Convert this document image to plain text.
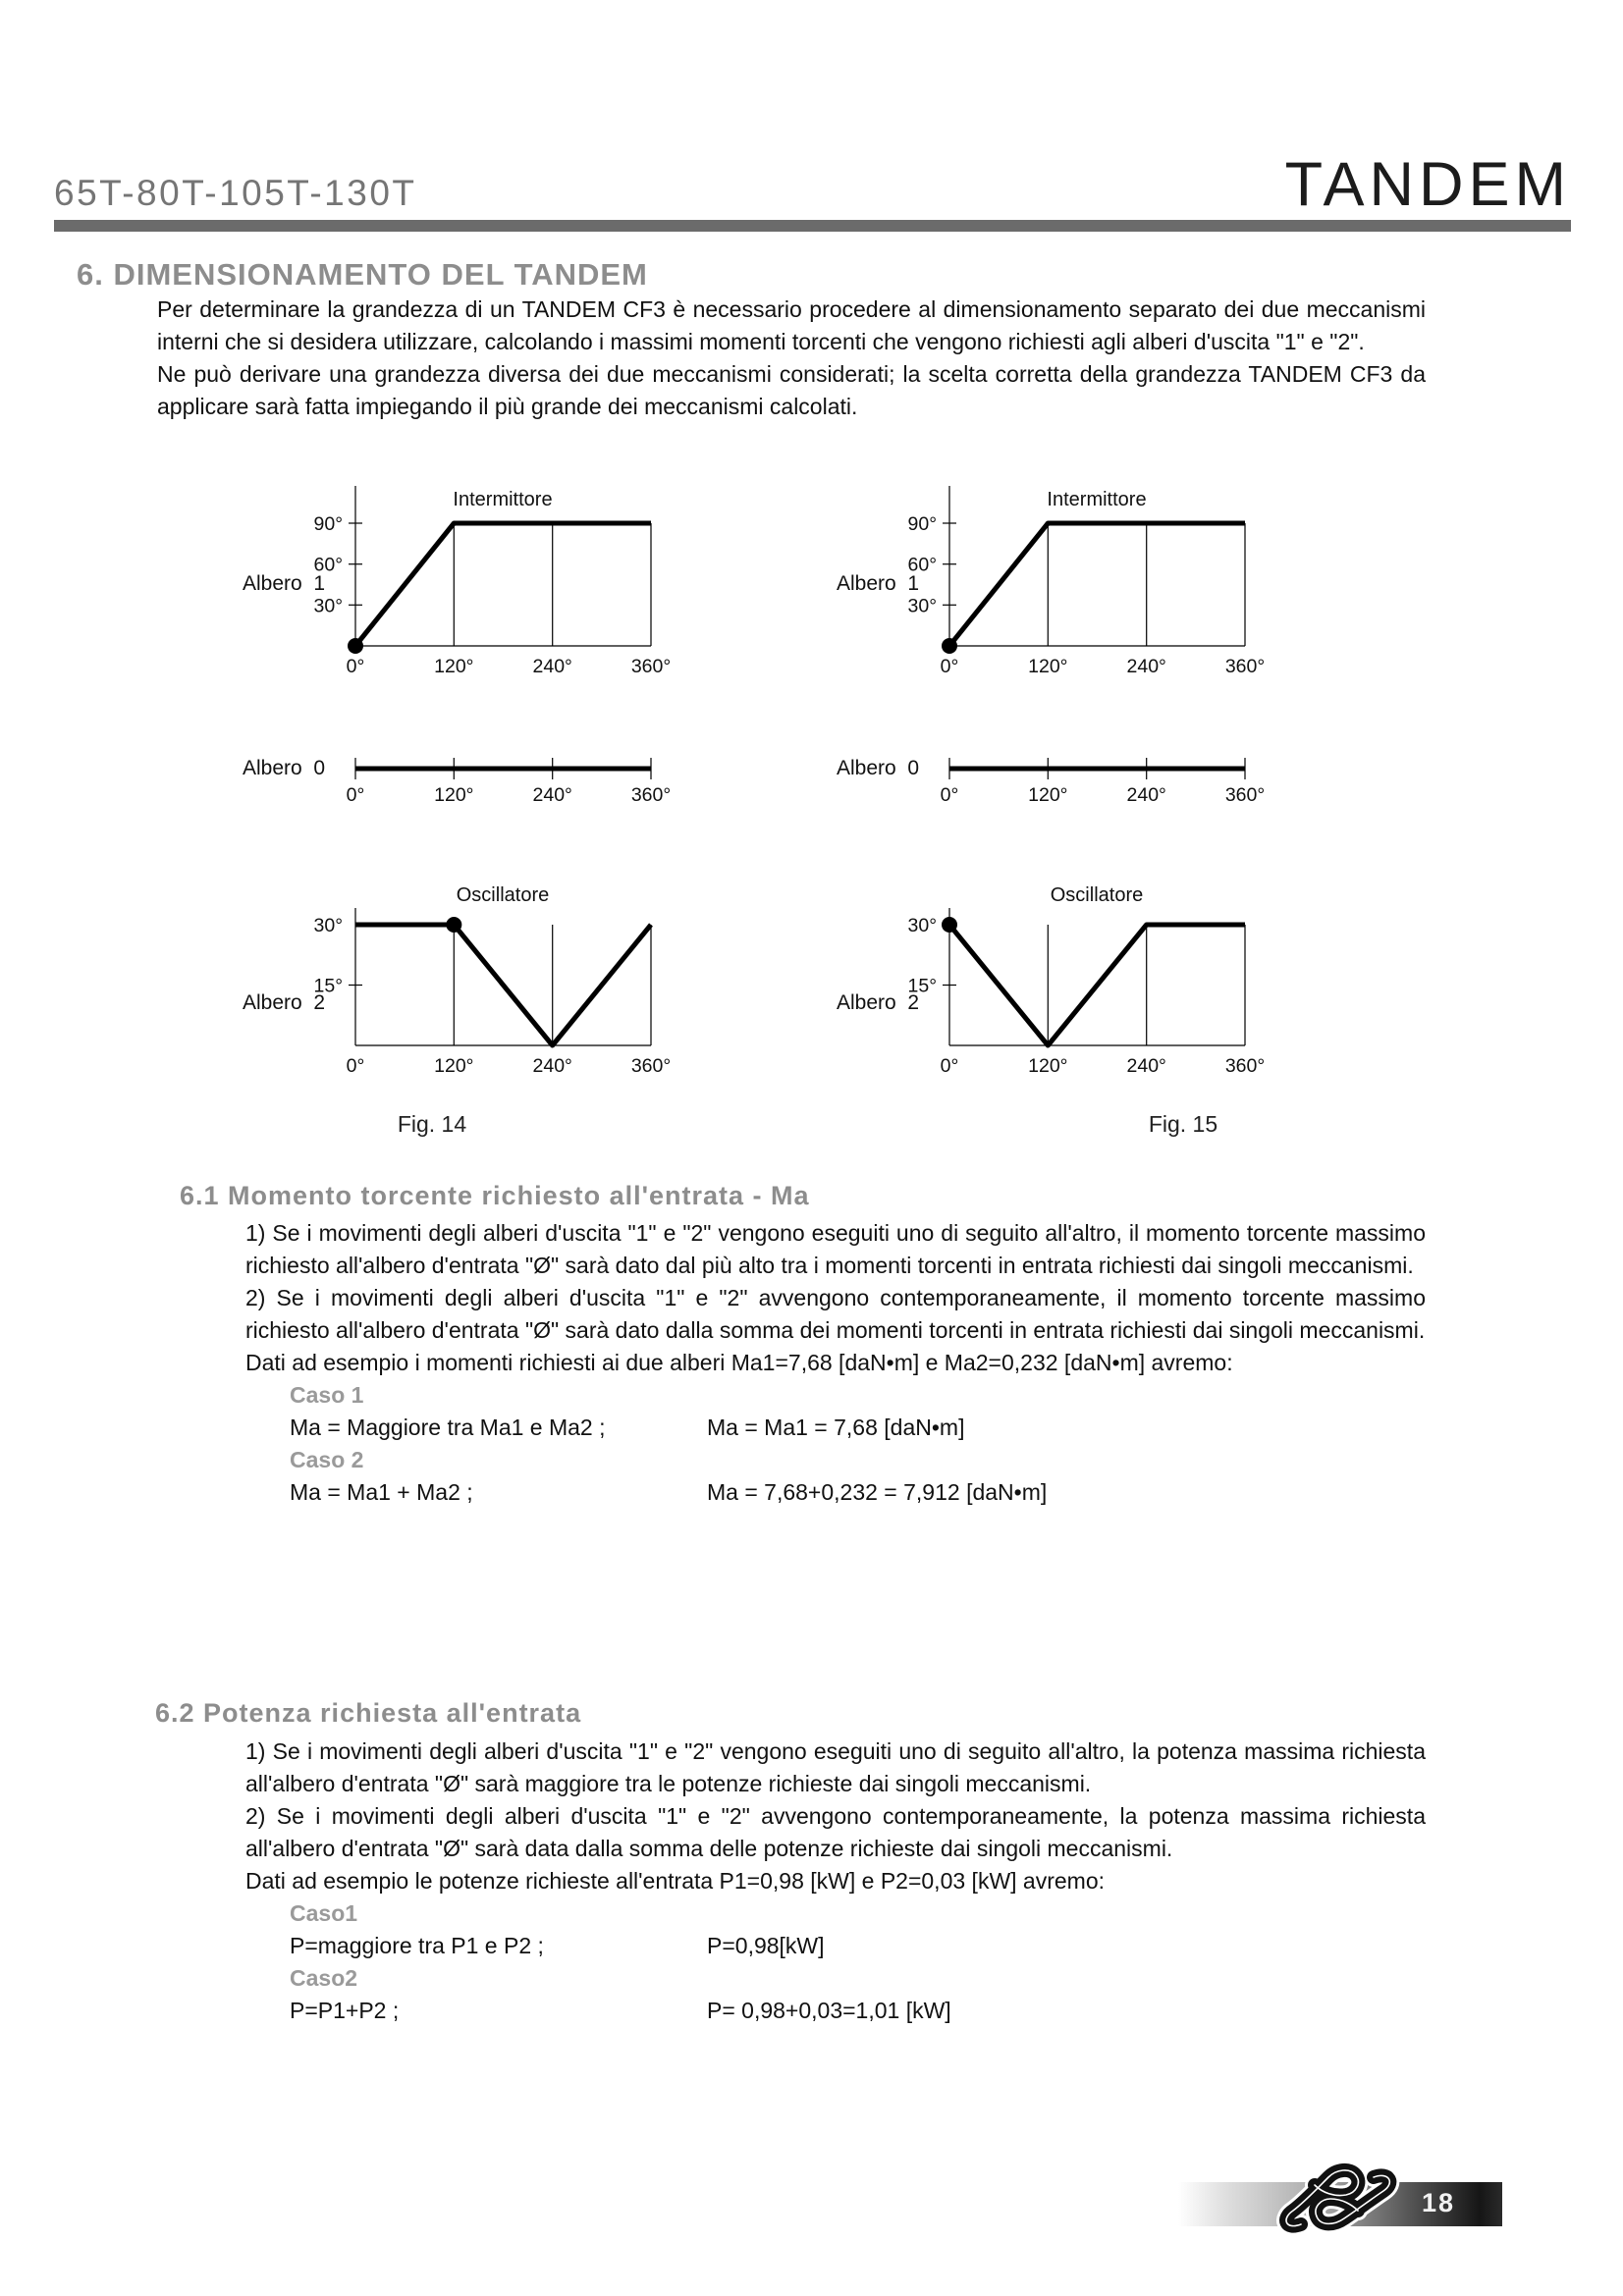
65T-80T-105T-130T	TANDEM
6. DIMENSIONAMENTO DEL TANDEM

Per determinare la grandezza di un TANDEM CF3 è necessario procedere al dimensionamento separato dei due meccanismi interni che si desidera utilizzare, calcolando i massimi momenti torcenti che vengono richiesti agli alberi d'uscita "1" e "2".

Ne può derivare una grandezza diversa dei due meccanismi considerati; la scelta corretta della grandezza TANDEM CF3 da applicare sarà fatta impiegando il più grande dei meccanismi calcolati.

Intermittore
Albero  1
90°
60°
30°
0°	120°	240°	360°
Albero  0
0°	120°	240°	360°
Oscillatore
Albero  2
30°
15°
0°	120°	240°	360°
Intermittore
Albero  1
90°
60°
30°
0°	120°	240°	360°
Albero  0
0°	120°	240°	360°
Oscillatore
Albero  2
30°
15°
0°	120°	240°	360°
Fig. 14	Fig. 15
6.1 Momento torcente richiesto all'entrata - Ma

1) Se i movimenti degli alberi d'uscita "1" e "2" vengono eseguiti uno di seguito all'altro, il momento torcente massimo richiesto all'albero d'entrata "Ø" sarà dato dal più alto tra i momenti torcenti in entrata richiesti dai singoli meccanismi.

2) Se i movimenti degli alberi d'uscita "1" e "2" avvengono contemporaneamente, il momento torcente massimo richiesto all'albero d'entrata "Ø" sarà dato dalla somma dei momenti torcenti in entrata richiesti dai singoli meccanismi.

Dati ad esempio i momenti richiesti ai due alberi Ma1=7,68 [daN•m] e Ma2=0,232 [daN•m] avremo:

Caso 1
Ma = Maggiore tra Ma1 e Ma2 ;	Ma = Ma1 = 7,68 [daN•m]
Caso 2
Ma = Ma1 + Ma2 ;	Ma = 7,68+0,232 = 7,912 [daN•m]
6.2 Potenza richiesta all'entrata

1) Se i movimenti degli alberi d'uscita "1" e "2" vengono eseguiti uno di seguito all'altro, la potenza massima richiesta all'albero d'entrata "Ø" sarà maggiore tra le potenze richieste dai singoli meccanismi.

2) Se i movimenti degli alberi d'uscita "1" e "2" avvengono contemporaneamente, la potenza massima richiesta all'albero d'entrata "Ø" sarà data dalla somma delle potenze richieste dai singoli meccanismi.

Dati ad esempio le potenze richieste all'entrata P1=0,98 [kW] e P2=0,03 [kW] avremo:

Caso1
P=maggiore tra P1 e P2 ;	P=0,98[kW]
Caso2
P=P1+P2 ;	P= 0,98+0,03=1,01 [kW]
18
